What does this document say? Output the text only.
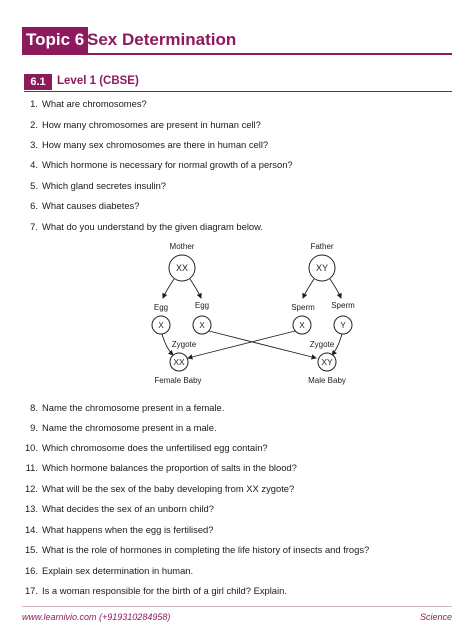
Topic 6 Sex Determination
6.1 Level 1 (CBSE)
1. What are chromosomes?
2. How many chromosomes are present in human cell?
3. How many sex chromosomes are there in human cell?
4. Which hormone is necessary for normal growth of a person?
5. Which gland secretes insulin?
6. What causes diabetes?
7. What do you understand by the given diagram below.
Mother	Father
XX	XY
Egg	Egg	Sperm Sperm
X	X	X	Y
Zygote	Zygote
XX	XY
Female Baby	Male Baby
8. Name the chromosome present in a female.
9. Name the chromosome present in a male.
10. Which chromosome does the unfertilised egg contain?
11. Which hormone balances the proportion of salts in the blood?
12. What will be the sex of the baby developing from XX zygote?
13. What decides the sex of an unborn child?
14. What happens when the egg is fertilised?
15. What is the role of hormones in completing the life history of insects and frogs?
16. Explain sex determination in human.
17. Is a woman responsible for the birth of a girl child? Explain.
www.learnivio.com (+919310284958)	Science
